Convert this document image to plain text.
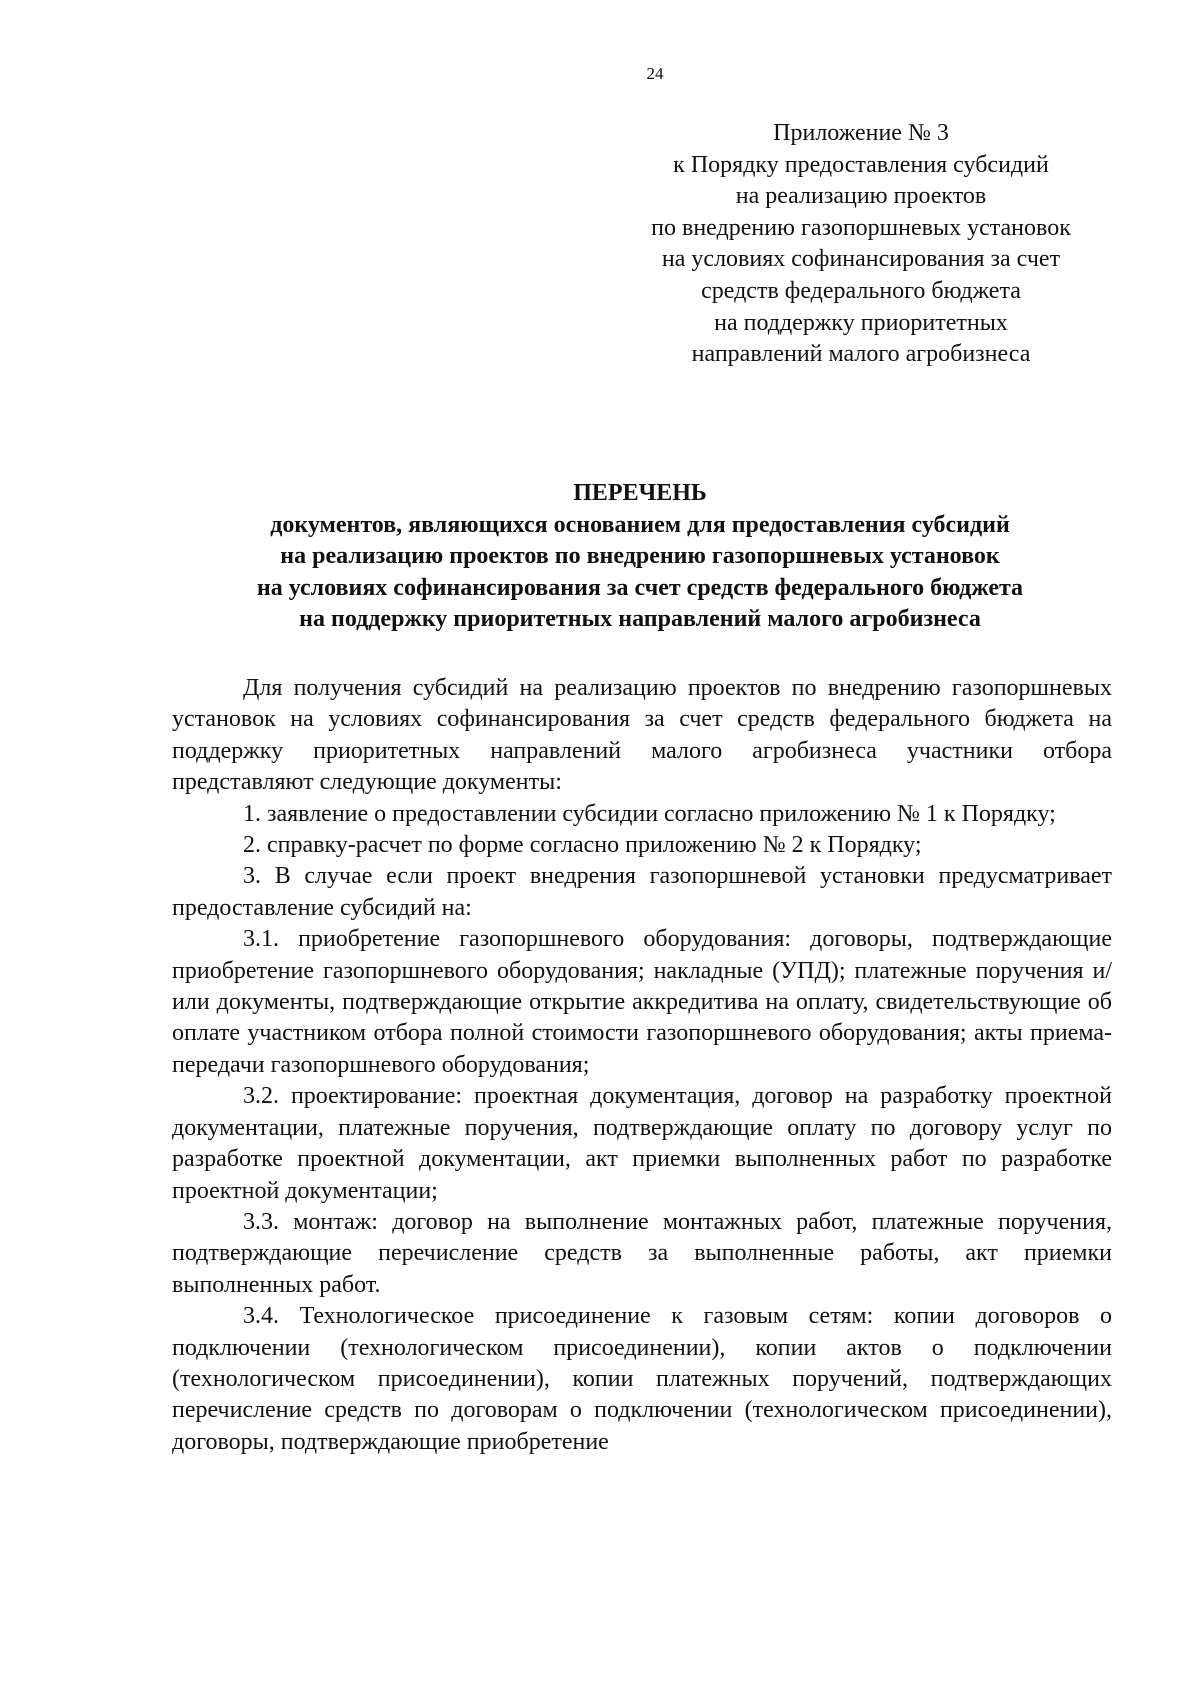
24
Приложение № 3
к Порядку предоставления субсидий
на реализацию проектов
по внедрению газопоршневых установок
на условиях софинансирования за счет
средств федерального бюджета
на поддержку приоритетных
направлений малого агробизнеса
ПЕРЕЧЕНЬ
документов, являющихся основанием для предоставления субсидий
на реализацию проектов по внедрению газопоршневых установок
на условиях софинансирования за счет средств федерального бюджета
на поддержку приоритетных направлений малого агробизнеса

Для получения субсидий на реализацию проектов по внедрению газопоршневых установок на условиях софинансирования за счет средств федерального бюджета на поддержку приоритетных направлений малого агробизнеса участники отбора представляют следующие документы:

1. заявление о предоставлении субсидии согласно приложению № 1 к Порядку;

2. справку-расчет по форме согласно приложению № 2 к Порядку;

3. В случае если проект внедрения газопоршневой установки предусматривает предоставление субсидий на:

3.1. приобретение газопоршневого оборудования: договоры, подтверждающие приобретение газопоршневого оборудования; накладные (УПД); платежные поручения и/или документы, подтверждающие открытие аккредитива на оплату, свидетельствующие об оплате участником отбора полной стоимости газопоршневого оборудования; акты приема-передачи газопоршневого оборудования;

3.2. проектирование: проектная документация, договор на разработку проектной документации, платежные поручения, подтверждающие оплату по договору услуг по разработке проектной документации, акт приемки выполненных работ по разработке проектной документации;

3.3. монтаж: договор на выполнение монтажных работ, платежные поручения, подтверждающие перечисление средств за выполненные работы, акт приемки выполненных работ.

3.4. Технологическое присоединение к газовым сетям: копии договоров о подключении (технологическом присоединении), копии актов о подключении (технологическом присоединении), копии платежных поручений, подтверждающих перечисление средств по договорам о подключении (технологическом присоединении), договоры, подтверждающие приобретение
